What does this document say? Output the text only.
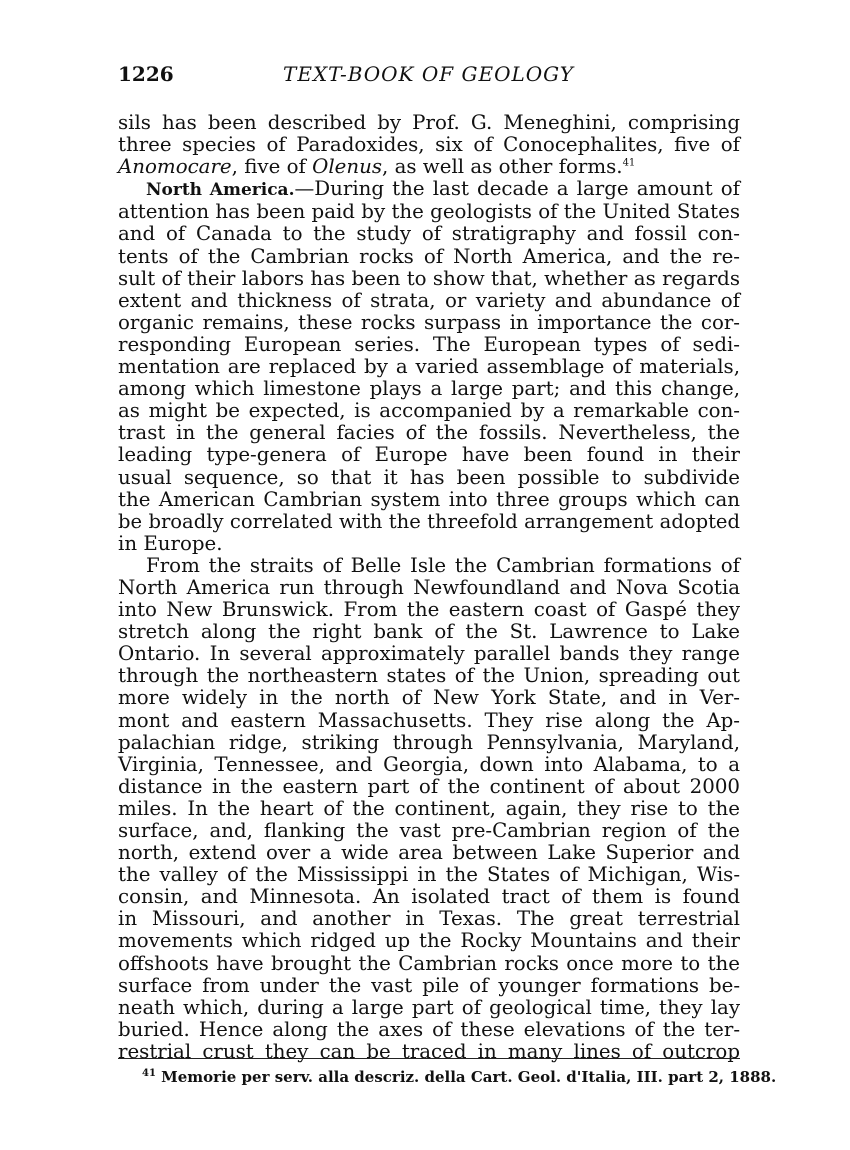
1226	TEXT-BOOK OF GEOLOGY
sils has been described by Prof. G. Meneghini, comprising
three species of Paradoxides, six of Conocephalites, five of
Anomocare, five of Olenus, as well as other forms.$^{41}$
North America.—During the last decade a large amount of
attention has been paid by the geologists of the United States
and of Canada to the study of stratigraphy and fossil con-
tents of the Cambrian rocks of North America, and the re-
sult of their labors has been to show that, whether as regards
extent and thickness of strata, or variety and abundance of
organic remains, these rocks surpass in importance the cor-
responding European series. The European types of sedi-
mentation are replaced by a varied assemblage of materials,
among which limestone plays a large part; and this change,
as might be expected, is accompanied by a remarkable con-
trast in the general facies of the fossils. Nevertheless, the
leading type-genera of Europe have been found in their
usual sequence, so that it has been possible to subdivide
the American Cambrian system into three groups which can
be broadly correlated with the threefold arrangement adopted
in Europe.
From the straits of Belle Isle the Cambrian formations of
North America run through Newfoundland and Nova Scotia
into New Brunswick. From the eastern coast of Gaspé they
stretch along the right bank of the St. Lawrence to Lake
Ontario. In several approximately parallel bands they range
through the northeastern states of the Union, spreading out
more widely in the north of New York State, and in Ver-
mont and eastern Massachusetts. They rise along the Ap-
palachian ridge, striking through Pennsylvania, Maryland,
Virginia, Tennessee, and Georgia, down into Alabama, to a
distance in the eastern part of the continent of about 2000
miles. In the heart of the continent, again, they rise to the
surface, and, flanking the vast pre-Cambrian region of the
north, extend over a wide area between Lake Superior and
the valley of the Mississippi in the States of Michigan, Wis-
consin, and Minnesota. An isolated tract of them is found
in Missouri, and another in Texas. The great terrestrial
movements which ridged up the Rocky Mountains and their
offshoots have brought the Cambrian rocks once more to the
surface from under the vast pile of younger formations be-
neath which, during a large part of geological time, they lay
buried. Hence along the axes of these elevations of the ter-
restrial crust they can be traced in many lines of outcrop
$^{41}$ Memorie per serv. alla descriz. della Cart. Geol. d'Italia, III. part 2, 1888.
